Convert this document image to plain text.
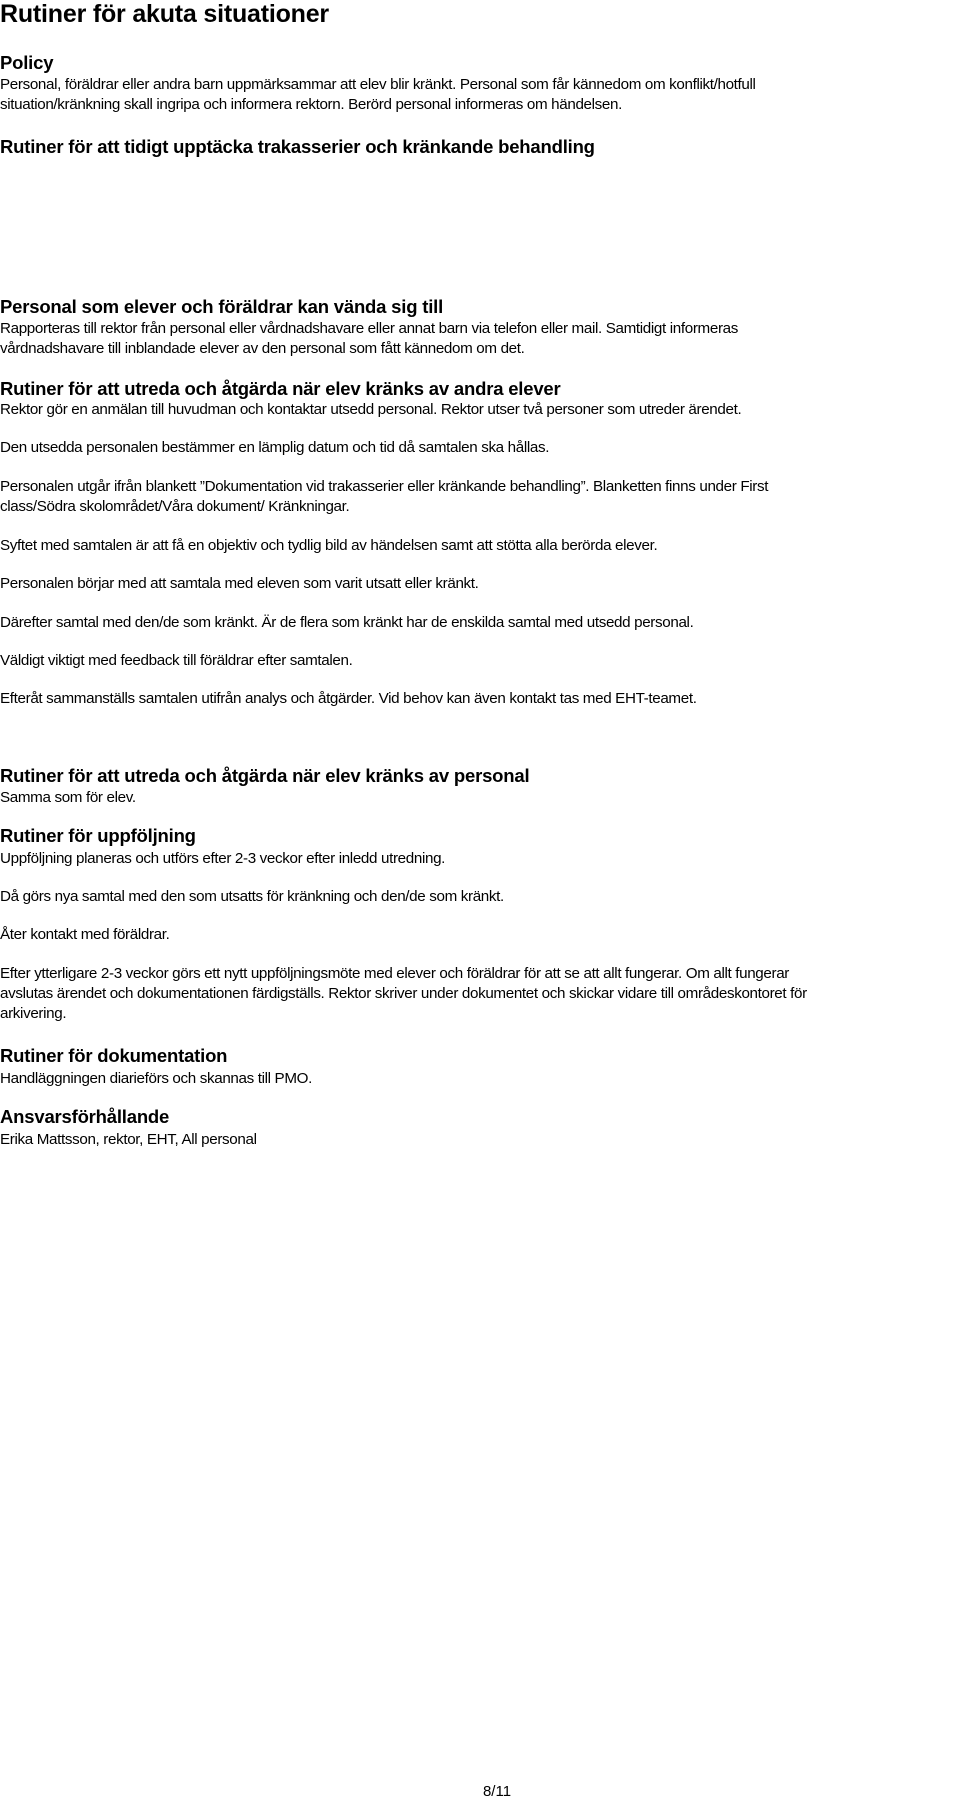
Rutiner för akuta situationer
Policy
Personal, föräldrar eller andra barn uppmärksammar att elev blir kränkt. Personal som får kännedom om konflikt/hotfull
situation/kränkning skall ingripa och informera rektorn. Berörd personal informeras om händelsen.
Rutiner för att tidigt upptäcka trakasserier och kränkande behandling
Personal som elever och föräldrar kan vända sig till
Rapporteras till rektor från personal eller vårdnadshavare eller annat barn via telefon eller mail. Samtidigt informeras
vårdnadshavare till inblandade elever av den personal som fått kännedom om det.
Rutiner för att utreda och åtgärda när elev kränks av andra elever

Rektor gör en anmälan till huvudman och kontaktar utsedd personal. Rektor utser två personer som utreder ärendet.

Den utsedda personalen bestämmer en lämplig datum och tid då samtalen ska hållas.

Personalen utgår ifrån blankett ”Dokumentation vid trakasserier eller kränkande behandling”. Blanketten finns under First
class/Södra skolområdet/Våra dokument/ Kränkningar.

Syftet med samtalen är att få en objektiv och tydlig bild av händelsen samt att stötta alla berörda elever.

Personalen börjar med att samtala med eleven som varit utsatt eller kränkt.

Därefter samtal med den/de som kränkt. Är de flera som kränkt har de enskilda samtal med utsedd personal.

Väldigt viktigt med feedback till föräldrar efter samtalen.

Efteråt sammanställs samtalen utifrån analys och åtgärder. Vid behov kan även kontakt tas med EHT-teamet.

Rutiner för att utreda och åtgärda när elev kränks av personal

Samma som för elev.

Rutiner för uppföljning

Uppföljning planeras och utförs efter 2-3 veckor efter inledd utredning.

Då görs nya samtal med den som utsatts för kränkning och den/de som kränkt.

Åter kontakt med föräldrar.

Efter ytterligare 2-3 veckor görs ett nytt uppföljningsmöte med elever och föräldrar för att se att allt fungerar. Om allt fungerar
avslutas ärendet och dokumentationen färdigställs. Rektor skriver under dokumentet och skickar vidare till områdeskontoret för
arkivering.
Rutiner för dokumentation

Handläggningen diarieförs och skannas till PMO.

Ansvarsförhållande

Erika Mattsson, rektor, EHT, All personal

8/11
